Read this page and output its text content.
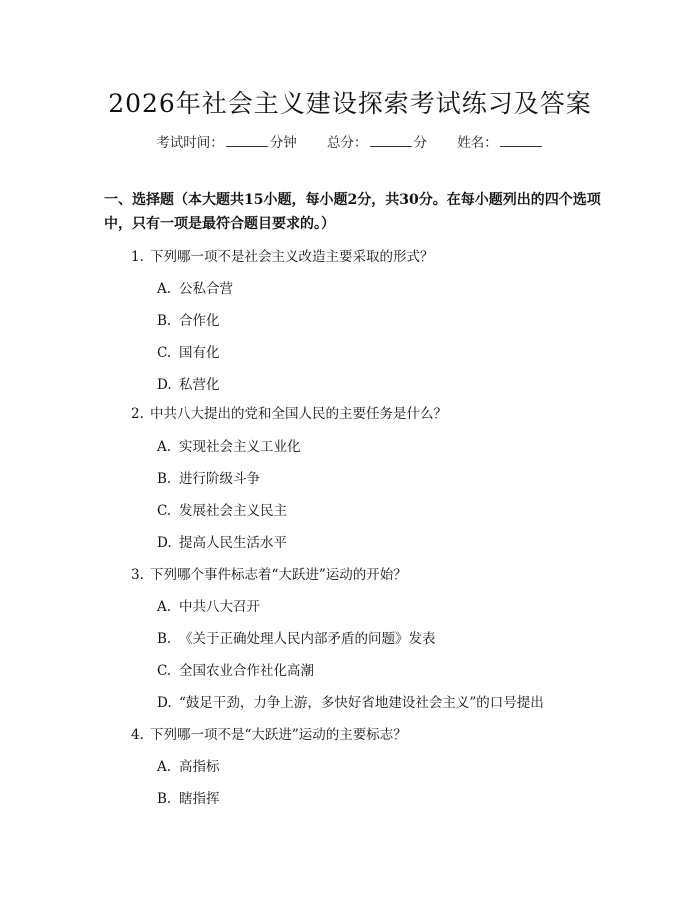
2026年社会主义建设探索考试练习及答案
考试时间：	分钟 总分：	分 姓名：
一、选择题（本大题共15小题，每小题2分，共30分。在每小题列出的四个选项中，只有一项是最符合题目要求的。）
1. 下列哪一项不是社会主义改造主要采取的形式？
A. 公私合营
B. 合作化
C. 国有化
D. 私营化
2. 中共八大提出的党和全国人民的主要任务是什么？
A. 实现社会主义工业化
B. 进行阶级斗争
C. 发展社会主义民主
D. 提高人民生活水平
3. 下列哪个事件标志着“大跃进”运动的开始？
A. 中共八大召开
B. 《关于正确处理人民内部矛盾的问题》发表
C. 全国农业合作社化高潮
D. “鼓足干劲，力争上游，多快好省地建设社会主义”的口号提出
4. 下列哪一项不是“大跃进”运动的主要标志？
A. 高指标
B. 瞎指挥
